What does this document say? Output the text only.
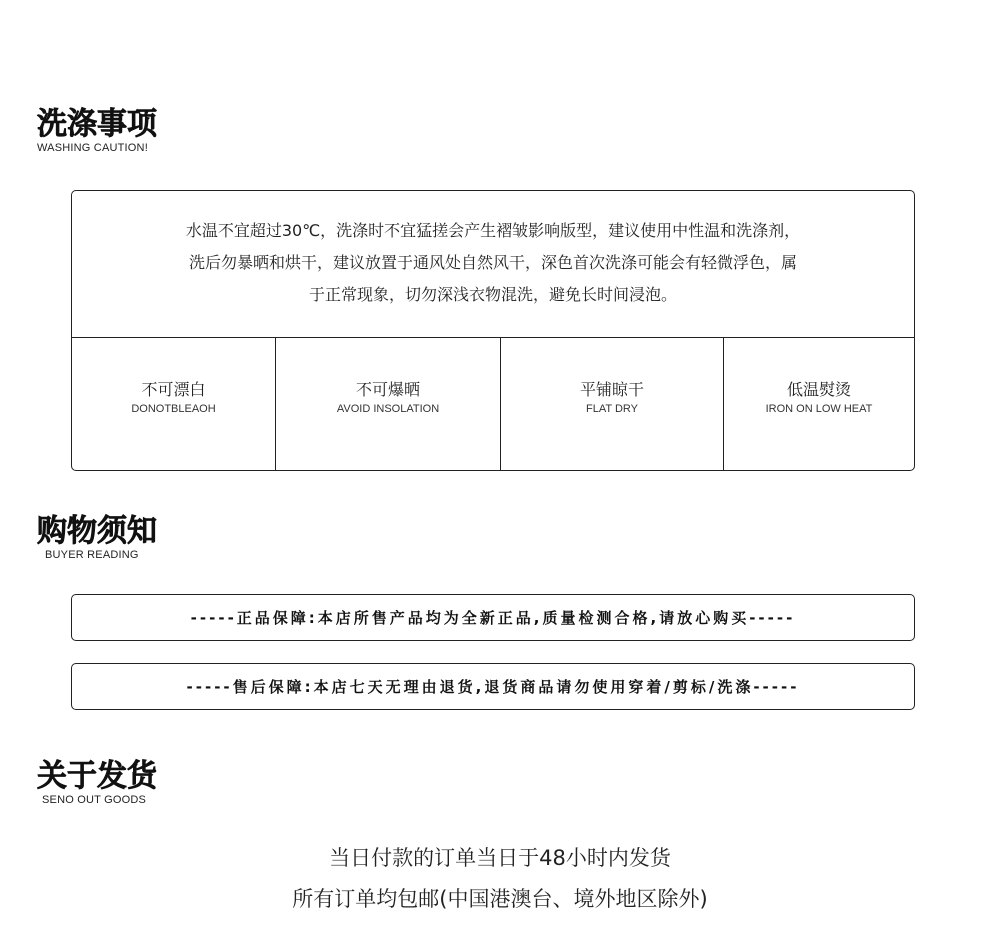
洗涤事项
WASHING CAUTION!
水温不宜超过30℃，洗涤时不宜猛搓会产生褶皱影响版型，建议使用中性温和洗涤剂，
洗后勿暴晒和烘干，建议放置于通风处自然风干，深色首次洗涤可能会有轻微浮色，属
于正常现象，切勿深浅衣物混洗，避免长时间浸泡。
不可漂白
DONOTBLEAOH
不可爆晒
AVOID INSOLATION
平铺晾干
FLAT DRY
低温熨烫
IRON ON LOW HEAT
购物须知
BUYER READING
-----正品保障:本店所售产品均为全新正品,质量检测合格,请放心购买-----
-----售后保障:本店七天无理由退货,退货商品请勿使用穿着/剪标/洗涤-----
关于发货
SENO OUT GOODS
当日付款的订单当日于48小时内发货
所有订单均包邮(中国港澳台、境外地区除外)
